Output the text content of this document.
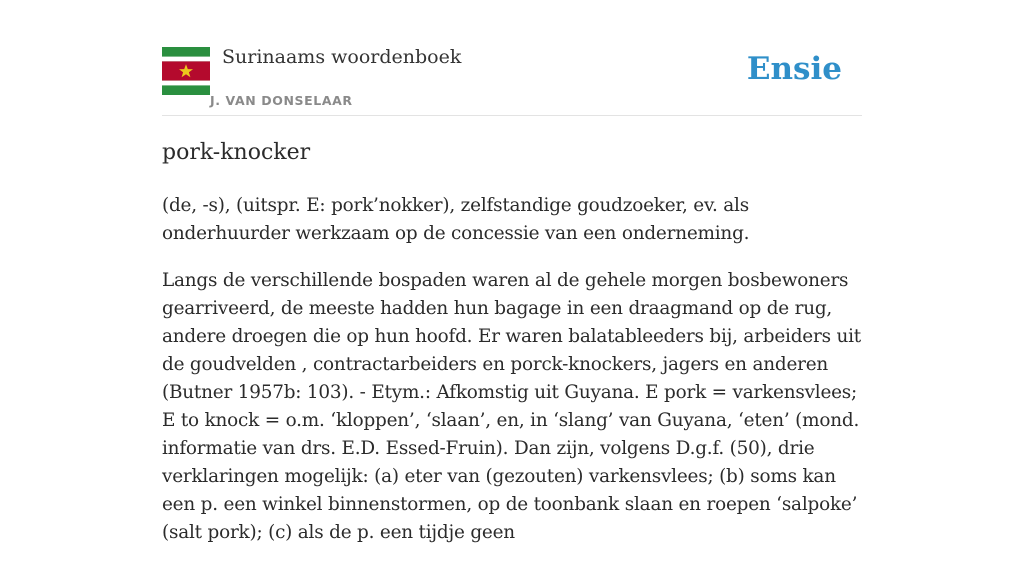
Surinaams woordenboek
J. VAN DONSELAAR
Ensie
pork-knocker

(de, -s), (uitspr. E: pork’nokker), zelfstandige goudzoeker, ev. als onderhuurder werkzaam op de concessie van een onderneming.

Langs de verschillende bospaden waren al de gehele morgen bosbewoners gearriveerd, de meeste hadden hun bagage in een draagmand op de rug, andere droegen die op hun hoofd. Er waren balatableeders bij, arbeiders uit de goudvelden , contractarbeiders en porck-knockers, jagers en anderen (Butner 1957b: 103). - Etym.: Afkomstig uit Guyana. E pork = varkensvlees; E to knock = o.m. ‘kloppen’, ‘slaan’, en, in ‘slang’ van Guyana, ‘eten’ (mond. informatie van drs. E.D. Essed-Fruin). Dan zijn, volgens D.g.f. (50), drie verklaringen mogelijk: (a) eter van (gezouten) varkensvlees; (b) soms kan een p. een winkel binnenstormen, op de toonbank slaan en roepen ‘salpoke’ (salt pork); (c) als de p. een tijdje geen
